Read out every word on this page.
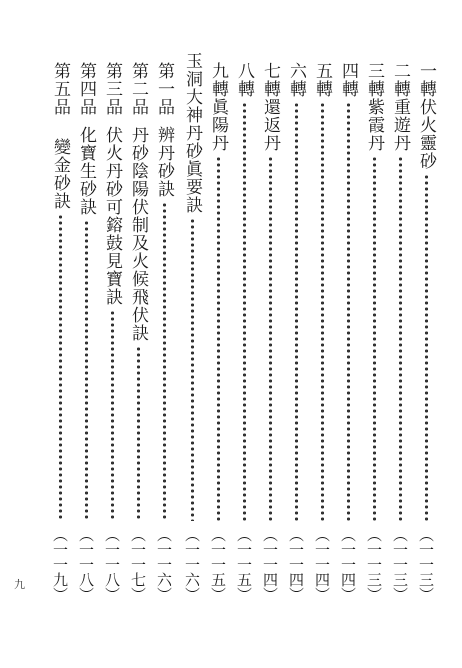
一轉伏火靈砂
（一一三）
二轉重遊丹
（一一三）
三轉紫霞丹
（一一三）
四轉
（一一四）
五轉
（一一四）
六轉
（一一四）
七轉還返丹
（一一四）
八轉
（一一五）
九轉眞陽丹
（一一五）
玉洞大神丹砂眞要訣
（一一六）
第一品
辨丹砂訣
（一一六）
第二品
丹砂陰陽伏制及火候飛伏訣
（一一七）
第三品
伏火丹砂可鎔鼓見寶訣
（一一八）
第四品
化寶生砂訣
（一一八）
第五品
變金砂訣
（一一九）
九
